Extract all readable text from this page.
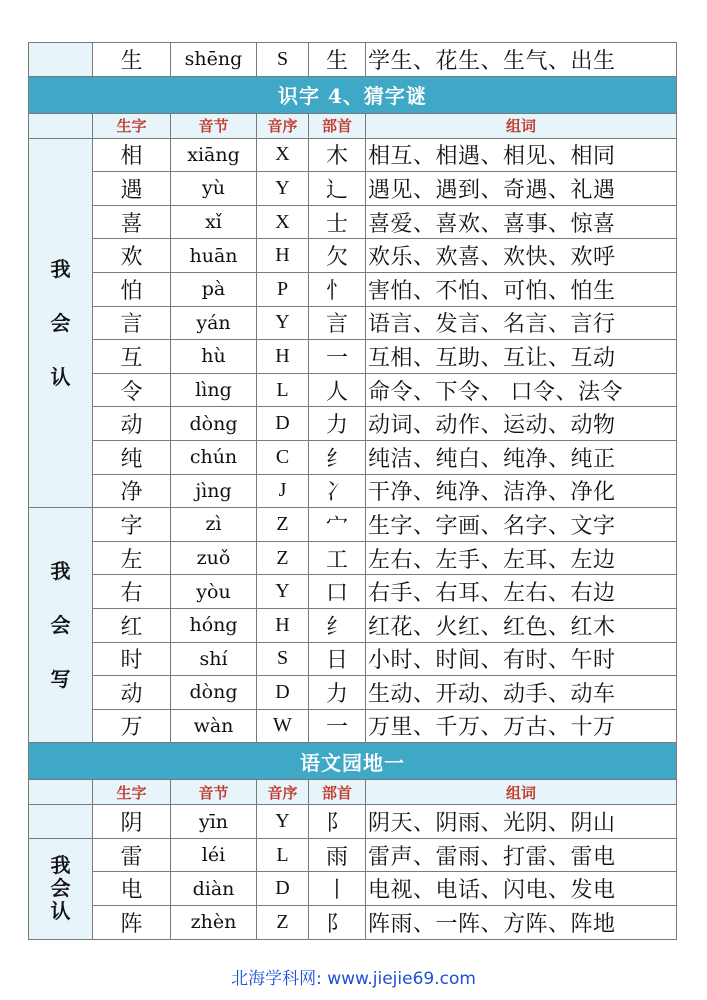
	生	shēng	S	生	学生、花生、生气、出生
识字 4、猜字谜					
	生字	音节	音序	部首	组词
我会认	相	xiāng	X	木	相互、相遇、相见、相同
	遇	yù	Y	辶	遇见、遇到、奇遇、礼遇
	喜	xǐ	X	士	喜爱、喜欢、喜事、惊喜
	欢	huān	H	欠	欢乐、欢喜、欢快、欢呼
	怕	pà	P	忄	害怕、不怕、可怕、怕生
	言	yán	Y	言	语言、发言、名言、言行
	互	hù	H	一	互相、互助、互让、互动
	令	lìng	L	人	命令、下令、 口令、法令
	动	dòng	D	力	动词、动作、运动、动物
	纯	chún	C	纟	纯洁、纯白、纯净、纯正
	净	jìng	J	冫	干净、纯净、洁净、净化
我会写	字	zì	Z	宀	生字、字画、名字、文字
	左	zuǒ	Z	工	左右、左手、左耳、左边
	右	yòu	Y	口	右手、右耳、左右、右边
	红	hóng	H	纟	红花、火红、红色、红木
	时	shí	S	日	小时、时间、有时、午时
	动	dòng	D	力	生动、开动、动手、动车
	万	wàn	W	一	万里、千万、万古、十万
语文园地一					
	生字	音节	音序	部首	组词
	阴	yīn	Y	阝	阴天、阴雨、光阴、阴山
我会认	雷	léi	L	雨	雷声、雷雨、打雷、雷电
	电	diàn	D	丨	电视、电话、闪电、发电
	阵	zhèn	Z	阝	阵雨、一阵、方阵、阵地
北海学科网: www.jiejie69.com
